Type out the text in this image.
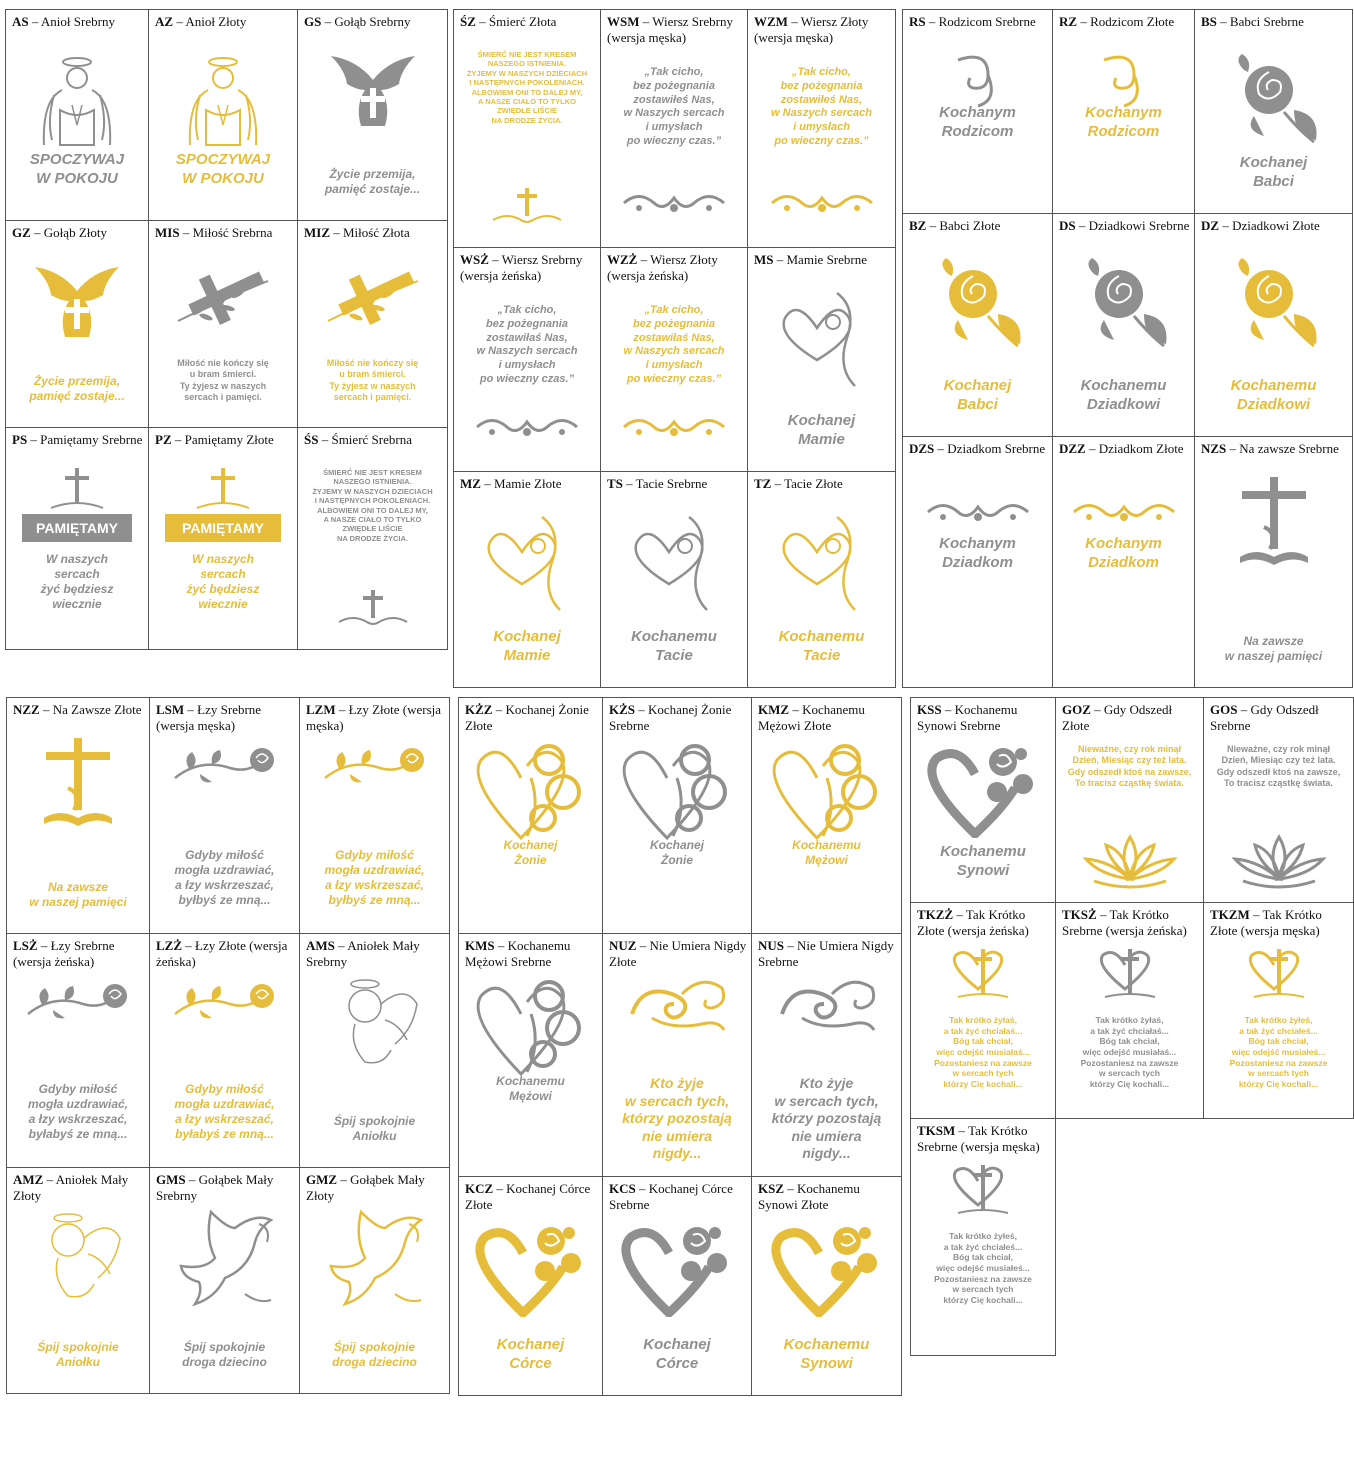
AS – Anioł Srebrny
SPOCZYWAJ
W POKOJU
AZ – Anioł Złoty
SPOCZYWAJ
W POKOJU
GS – Gołąb Srebrny
Życie przemija,
pamięć zostaje...
GZ – Gołąb Złoty
Życie przemija,
pamięć zostaje...
MIS – Miłość Srebrna
Miłość nie kończy się
u bram śmierci.
Ty żyjesz w naszych
sercach i pamięci.
MIZ – Miłość Złota
Miłość nie kończy się
u bram śmierci.
Ty żyjesz w naszych
sercach i pamięci.
PS – Pamiętamy Srebrne
PAMIĘTAMY
W naszych
sercach
żyć będziesz
wiecznie
PZ – Pamiętamy Złote
PAMIĘTAMY
W naszych
sercach
żyć będziesz
wiecznie
ŚS – Śmierć Srebrna
ŚMIERĆ NIE JEST KRESEM
NASZEGO ISTNIENIA.
ŻYJEMY W NASZYCH DZIECIACH
I NASTĘPNYCH POKOLENIACH.
ALBOWIEM ONI TO DALEJ MY,
A NASZE CIAŁO TO TYLKO
ZWIĘDŁE LIŚCIE
NA DRODZE ŻYCIA.
ŚZ – Śmierć Złota
ŚMIERĆ NIE JEST KRESEM
NASZEGO ISTNIENIA.
ŻYJEMY W NASZYCH DZIECIACH
I NASTĘPNYCH POKOLENIACH.
ALBOWIEM ONI TO DALEJ MY,
A NASZE CIAŁO TO TYLKO
ZWIĘDŁE LIŚCIE
NA DRODZE ŻYCIA.
WSM – Wiersz Srebrny (wersja męska)
„Tak cicho,
bez pożegnania
zostawiłeś Nas,
w Naszych sercach
i umysłach
po wieczny czas.”
WZM – Wiersz Złoty (wersja męska)
„Tak cicho,
bez pożegnania
zostawiłeś Nas,
w Naszych sercach
i umysłach
po wieczny czas.”
WSŻ – Wiersz Srebrny (wersja żeńska)
„Tak cicho,
bez pożegnania
zostawiłaś Nas,
w Naszych sercach
i umysłach
po wieczny czas.”
WZŻ – Wiersz Złoty (wersja żeńska)
„Tak cicho,
bez pożegnania
zostawiłaś Nas,
w Naszych sercach
i umysłach
po wieczny czas.”
MS – Mamie Srebrne
Kochanej
Mamie
MZ – Mamie Złote
Kochanej
Mamie
TS – Tacie Srebrne
Kochanemu
Tacie
TZ – Tacie Złote
Kochanemu
Tacie
RS – Rodzicom Srebrne
Kochanym
Rodzicom
RZ – Rodzicom Złote
Kochanym
Rodzicom
BS – Babci Srebrne
Kochanej
Babci
BZ – Babci Złote
Kochanej
Babci
DS – Dziadkowi Srebrne
Kochanemu
Dziadkowi
DZ – Dziadkowi Złote
Kochanemu
Dziadkowi
DZS – Dziadkom Srebrne
Kochanym
Dziadkom
DZZ – Dziadkom Złote
Kochanym
Dziadkom
NZS – Na zawsze Srebrne
Na zawsze
w naszej pamięci
NZZ – Na Zawsze Złote
Na zawsze
w naszej pamięci
LSM – Łzy Srebrne (wersja męska)
Gdyby miłość
mogła uzdrawiać,
a łzy wskrzeszać,
byłbyś ze mną...
LZM – Łzy Złote (wersja męska)
Gdyby miłość
mogła uzdrawiać,
a łzy wskrzeszać,
byłbyś ze mną...
LSŻ – Łzy Srebrne (wersja żeńska)
Gdyby miłość
mogła uzdrawiać,
a łzy wskrzeszać,
byłabyś ze mną...
LZŻ – Łzy Złote (wersja żeńska)
Gdyby miłość
mogła uzdrawiać,
a łzy wskrzeszać,
byłabyś ze mną...
AMS – Aniołek Mały Srebrny
Śpij spokojnie
Aniołku
AMZ – Aniołek Mały Złoty
Śpij spokojnie
Aniołku
GMS – Gołąbek Mały Srebrny
Śpij spokojnie
droga dziecino
GMZ – Gołąbek Mały Złoty
Śpij spokojnie
droga dziecino
KŻZ – Kochanej Żonie Złote
Kochanej
Żonie
KŻS – Kochanej Żonie Srebrne
Kochanej
Żonie
KMZ – Kochanemu Mężowi Złote
Kochanemu
Mężowi
KMS – Kochanemu Mężowi Srebrne
Kochanemu
Mężowi
NUZ – Nie Umiera Nigdy Złote
Kto żyje
w sercach tych,
którzy pozostają
nie umiera
nigdy...
NUS – Nie Umiera Nigdy Srebrne
Kto żyje
w sercach tych,
którzy pozostają
nie umiera
nigdy...
KCZ – Kochanej Córce Złote
Kochanej
Córce
KCS – Kochanej Córce Srebrne
Kochanej
Córce
KSZ – Kochanemu Synowi Złote
Kochanemu
Synowi
KSS – Kochanemu Synowi Srebrne
Kochanemu
Synowi
GOZ – Gdy Odszedł Złote
Nieważne, czy rok minął
Dzień, Miesiąc czy też lata.
Gdy odszedł ktoś na zawsze,
To tracisz cząstkę świata.
GOS – Gdy Odszedł Srebrne
Nieważne, czy rok minął
Dzień, Miesiąc czy też lata.
Gdy odszedł ktoś na zawsze,
To tracisz cząstkę świata.
TKZŻ – Tak Krótko Złote (wersja żeńska)
Tak krótko żyłaś,
a tak żyć chciałaś...
Bóg tak chciał,
więc odejść musiałaś...
Pozostaniesz na zawsze
w sercach tych
którzy Cię kochali...
TKSŻ – Tak Krótko Srebrne (wersja żeńska)
Tak krótko żyłaś,
a tak żyć chciałaś...
Bóg tak chciał,
więc odejść musiałaś...
Pozostaniesz na zawsze
w sercach tych
którzy Cię kochali...
TKZM – Tak Krótko Złote (wersja męska)
Tak krótko żyłeś,
a tak żyć chciałeś...
Bóg tak chciał,
więc odejść musiałeś...
Pozostaniesz na zawsze
w sercach tych
którzy Cię kochali...
TKSM – Tak Krótko Srebrne (wersja męska)
Tak krótko żyłeś,
a tak żyć chciałeś...
Bóg tak chciał,
więc odejść musiałeś...
Pozostaniesz na zawsze
w sercach tych
którzy Cię kochali...
